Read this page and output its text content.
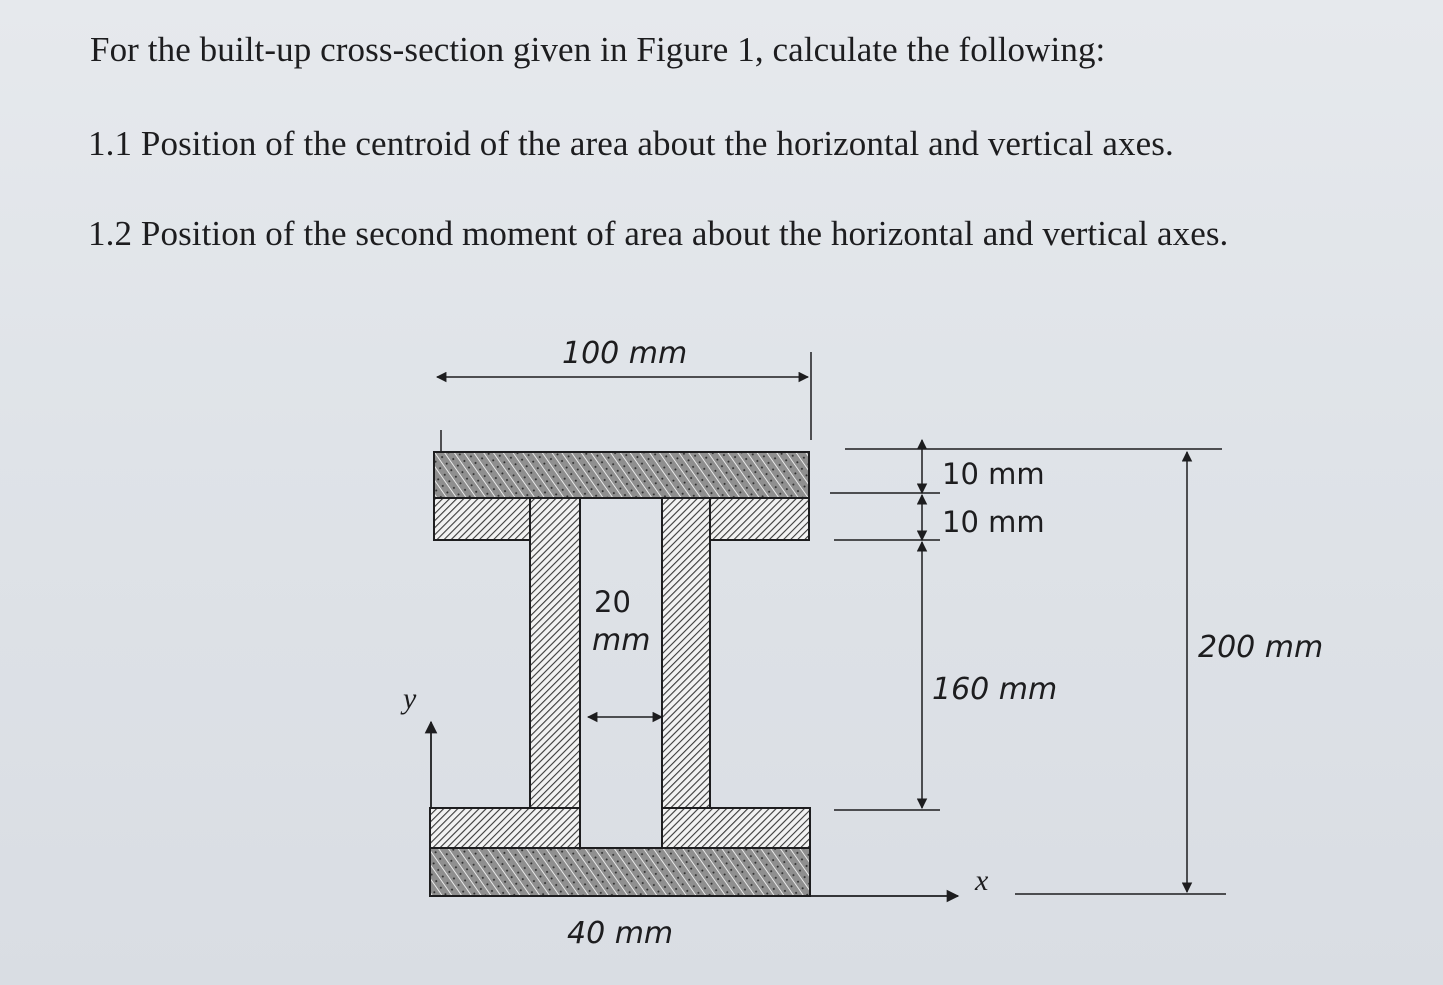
For the built-up cross-section given in Figure 1, calculate the following:
1.1 Position of the centroid of the area about the horizontal and vertical axes.
1.2 Position of the second moment of area about the horizontal and vertical axes.
100 mm
20
mm
10 mm
10 mm
160 mm
200 mm
y
x
40 mm
